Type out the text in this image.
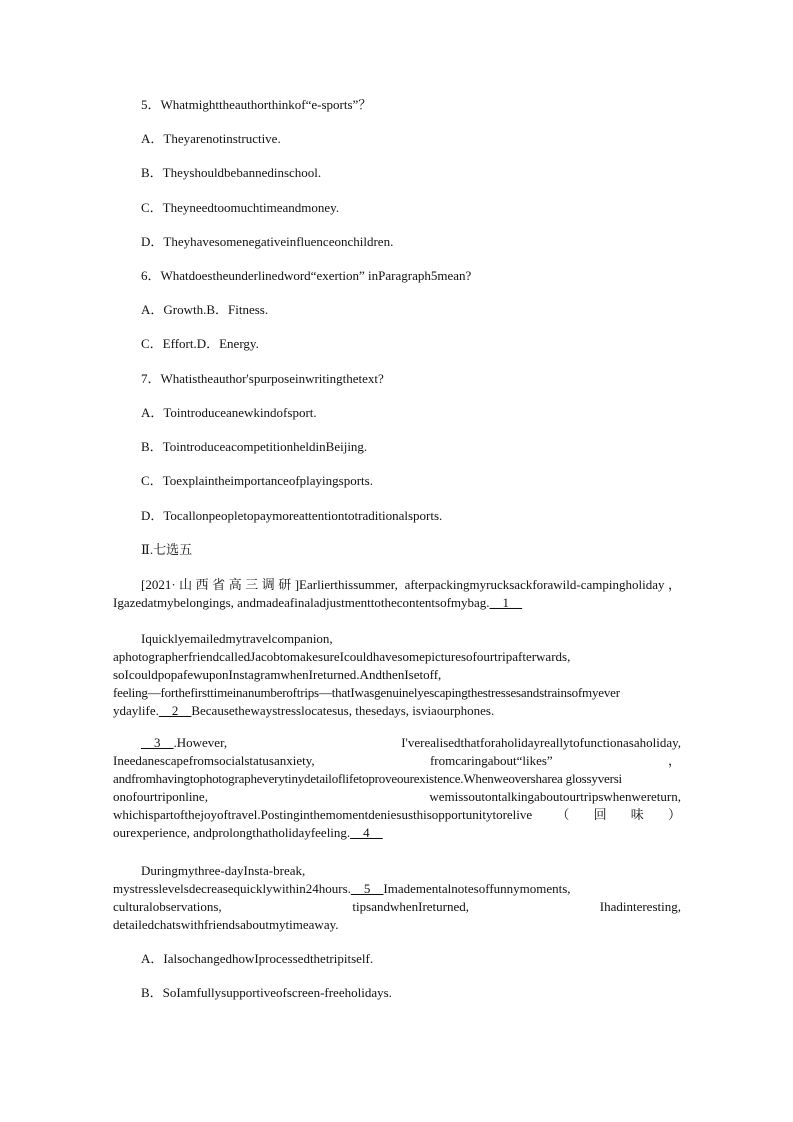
5．Whatmighttheauthorthinkof“e-sports”？
A．Theyarenotinstructive.
B．Theyshouldbebannedinschool.
C．Theyneedtoomuchtimeandmoney.
D．Theyhavesomenegativeinfluenceonchildren.
6．Whatdoestheunderlinedword“exertion” inParagraph5mean?
A．Growth.B．Fitness.
C．Effort.D．Energy.
7．Whatistheauthor'spurposeinwritingthetext?
A．Tointroduceanewkindofsport.
B．TointroduceacompetitionheldinBeijing.
C．Toexplaintheimportanceofplayingsports.
D．Tocallonpeopletopaymoreattentiontotraditionalsports.
Ⅱ.七选五
[2021·山西省高三调研]Earlierthissummer, afterpackingmyrucksackforawild-campingholiday，
Igazedatmybelongings, andmadeafinaladjustmenttothecontentsofmybag.__1__
Iquicklyemailedmytravelcompanion,
aphotographerfriendcalledJacobtomakesureIcouldhavesomepicturesofourtripafterwards,
soIcouldpopafewuponInstagramwhenIreturned.AndthenIsetoff,
feeling—forthefirsttimeinanumberoftrips—thatIwasgenuinelyescapingthestressesandstrainsofmyever
ydaylife.__2__Becausethewaystresslocatesus, thesedays, isviaourphones.
__3__.However,	I'verealisedthatforaholidayreallytofunctionasaholiday,
Ineedanescapefromsocialstatusanxiety,	fromcaringabout“likes”	，
andfromhavingtophotographeverytinydetailoflifetoproveourexistence.Whenweoversharea glossyversi
onofourtriponline,	wemissoutontalkingaboutourtripswhenwereturn,
whichispartofthejoyoftravel.Postinginthemomentdeniesusthisopportunitytorelive （ 回 味 ）
ourexperience, andprolongthatholidayfeeling.__4__
Duringmythree-dayInsta-break,
mystresslevelsdecreasequicklywithin24hours.__5__Imadementalnotesoffunnymoments,
culturalobservations,	tipsandwhenIreturned,	Ihadinteresting,
detailedchatswithfriendsaboutmytimeaway.
A．IalsochangedhowIprocessedthetripitself.
B．SoIamfullysupportiveofscreen-freeholidays.
